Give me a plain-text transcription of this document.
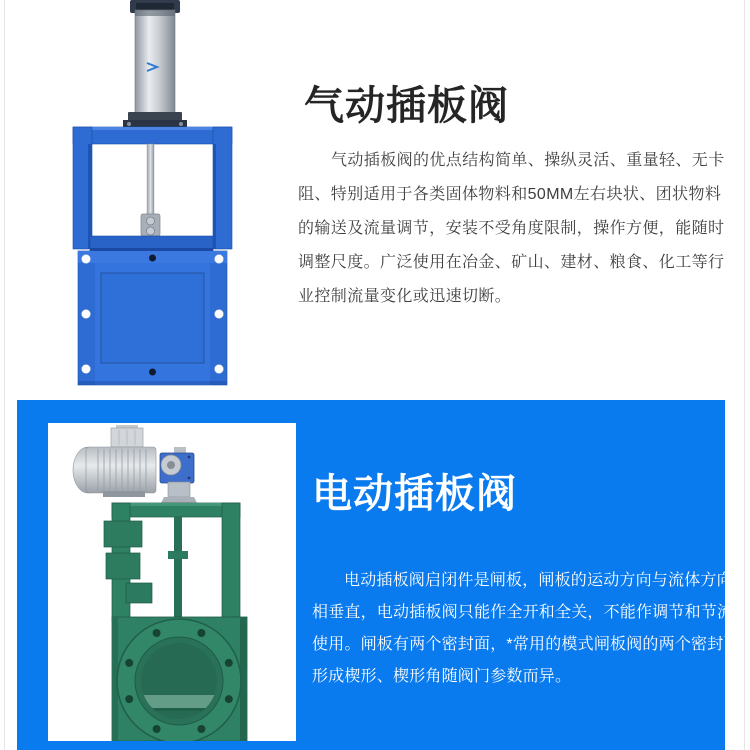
气动插板阀
气动插板阀的优点结构简单、操纵灵活、重量轻、无卡
阻、特别适用于各类固体物料和50MM左右块状、团状物料
的输送及流量调节，安装不受角度限制，操作方便，能随时
调整尺度。广泛使用在冶金、矿山、建材、粮食、化工等行
业控制流量变化或迅速切断。
电动插板阀
电动插板阀启闭件是闸板，闸板的运动方向与流体方向
相垂直，电动插板阀只能作全开和全关，不能作调节和节流
使用。闸板有两个密封面，*常用的模式闸板阀的两个密封面
形成楔形、楔形角随阀门参数而异。
